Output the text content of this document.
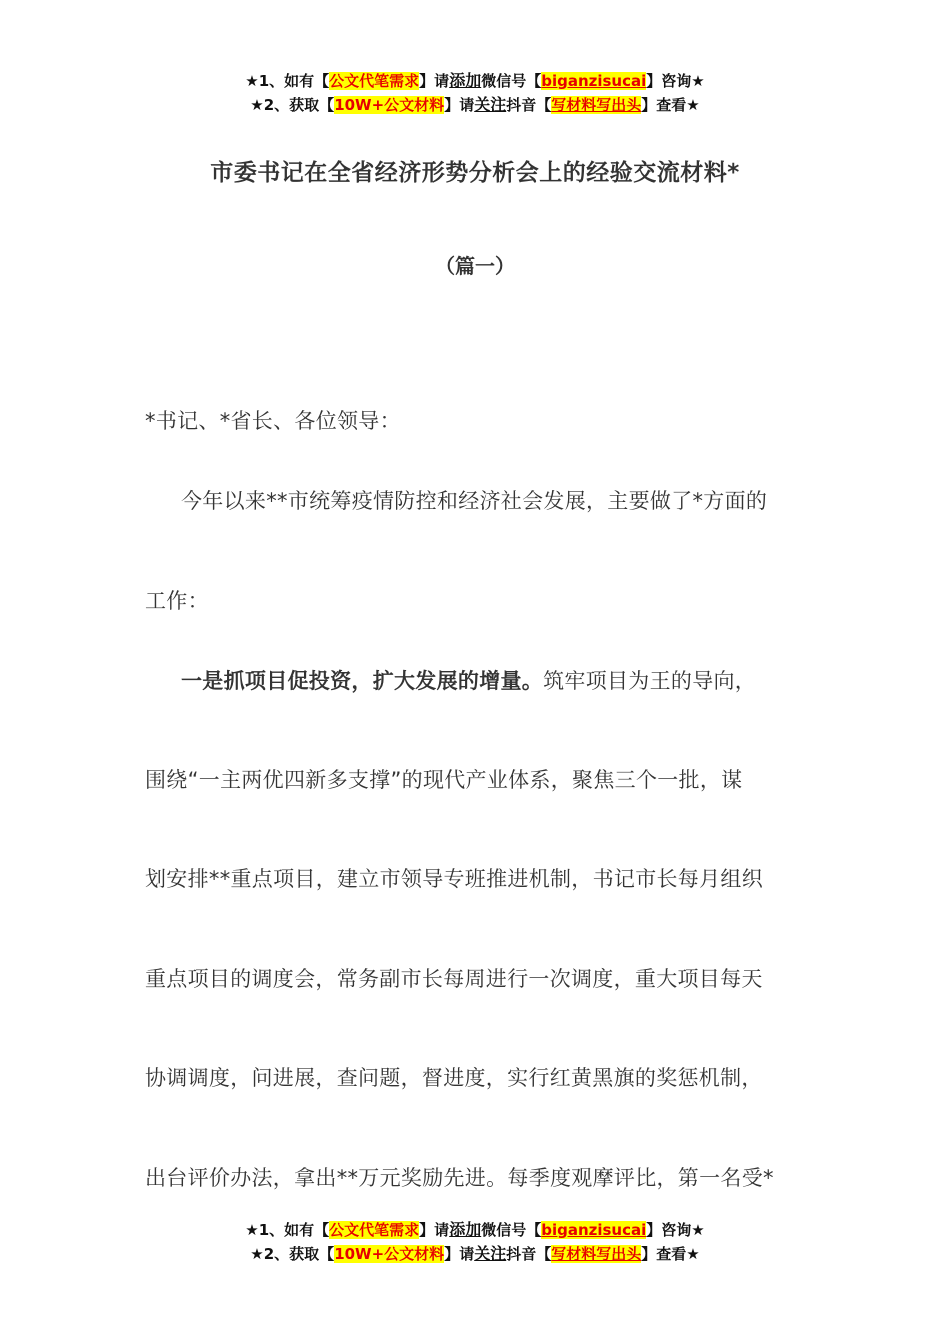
★1、如有【公文代笔需求】请添加微信号【biganzisucai】咨询★
★2、获取【10W+公文材料】请关注抖音【写材料写出头】查看★
市委书记在全省经济形势分析会上的经验交流材料*
（篇一）
*书记、*省长、各位领导：
今年以来**市统筹疫情防控和经济社会发展，主要做了*方面的
工作：
一是抓项目促投资，扩大发展的增量。筑牢项目为王的导向，
围绕“一主两优四新多支撑”的现代产业体系，聚焦三个一批，谋
划安排**重点项目，建立市领导专班推进机制，书记市长每月组织
重点项目的调度会，常务副市长每周进行一次调度，重大项目每天
协调调度，问进展，查问题，督进度，实行红黄黑旗的奖惩机制，
出台评价办法，拿出**万元奖励先进。每季度观摩评比，第一名受*
★1、如有【公文代笔需求】请添加微信号【biganzisucai】咨询★
★2、获取【10W+公文材料】请关注抖音【写材料写出头】查看★
